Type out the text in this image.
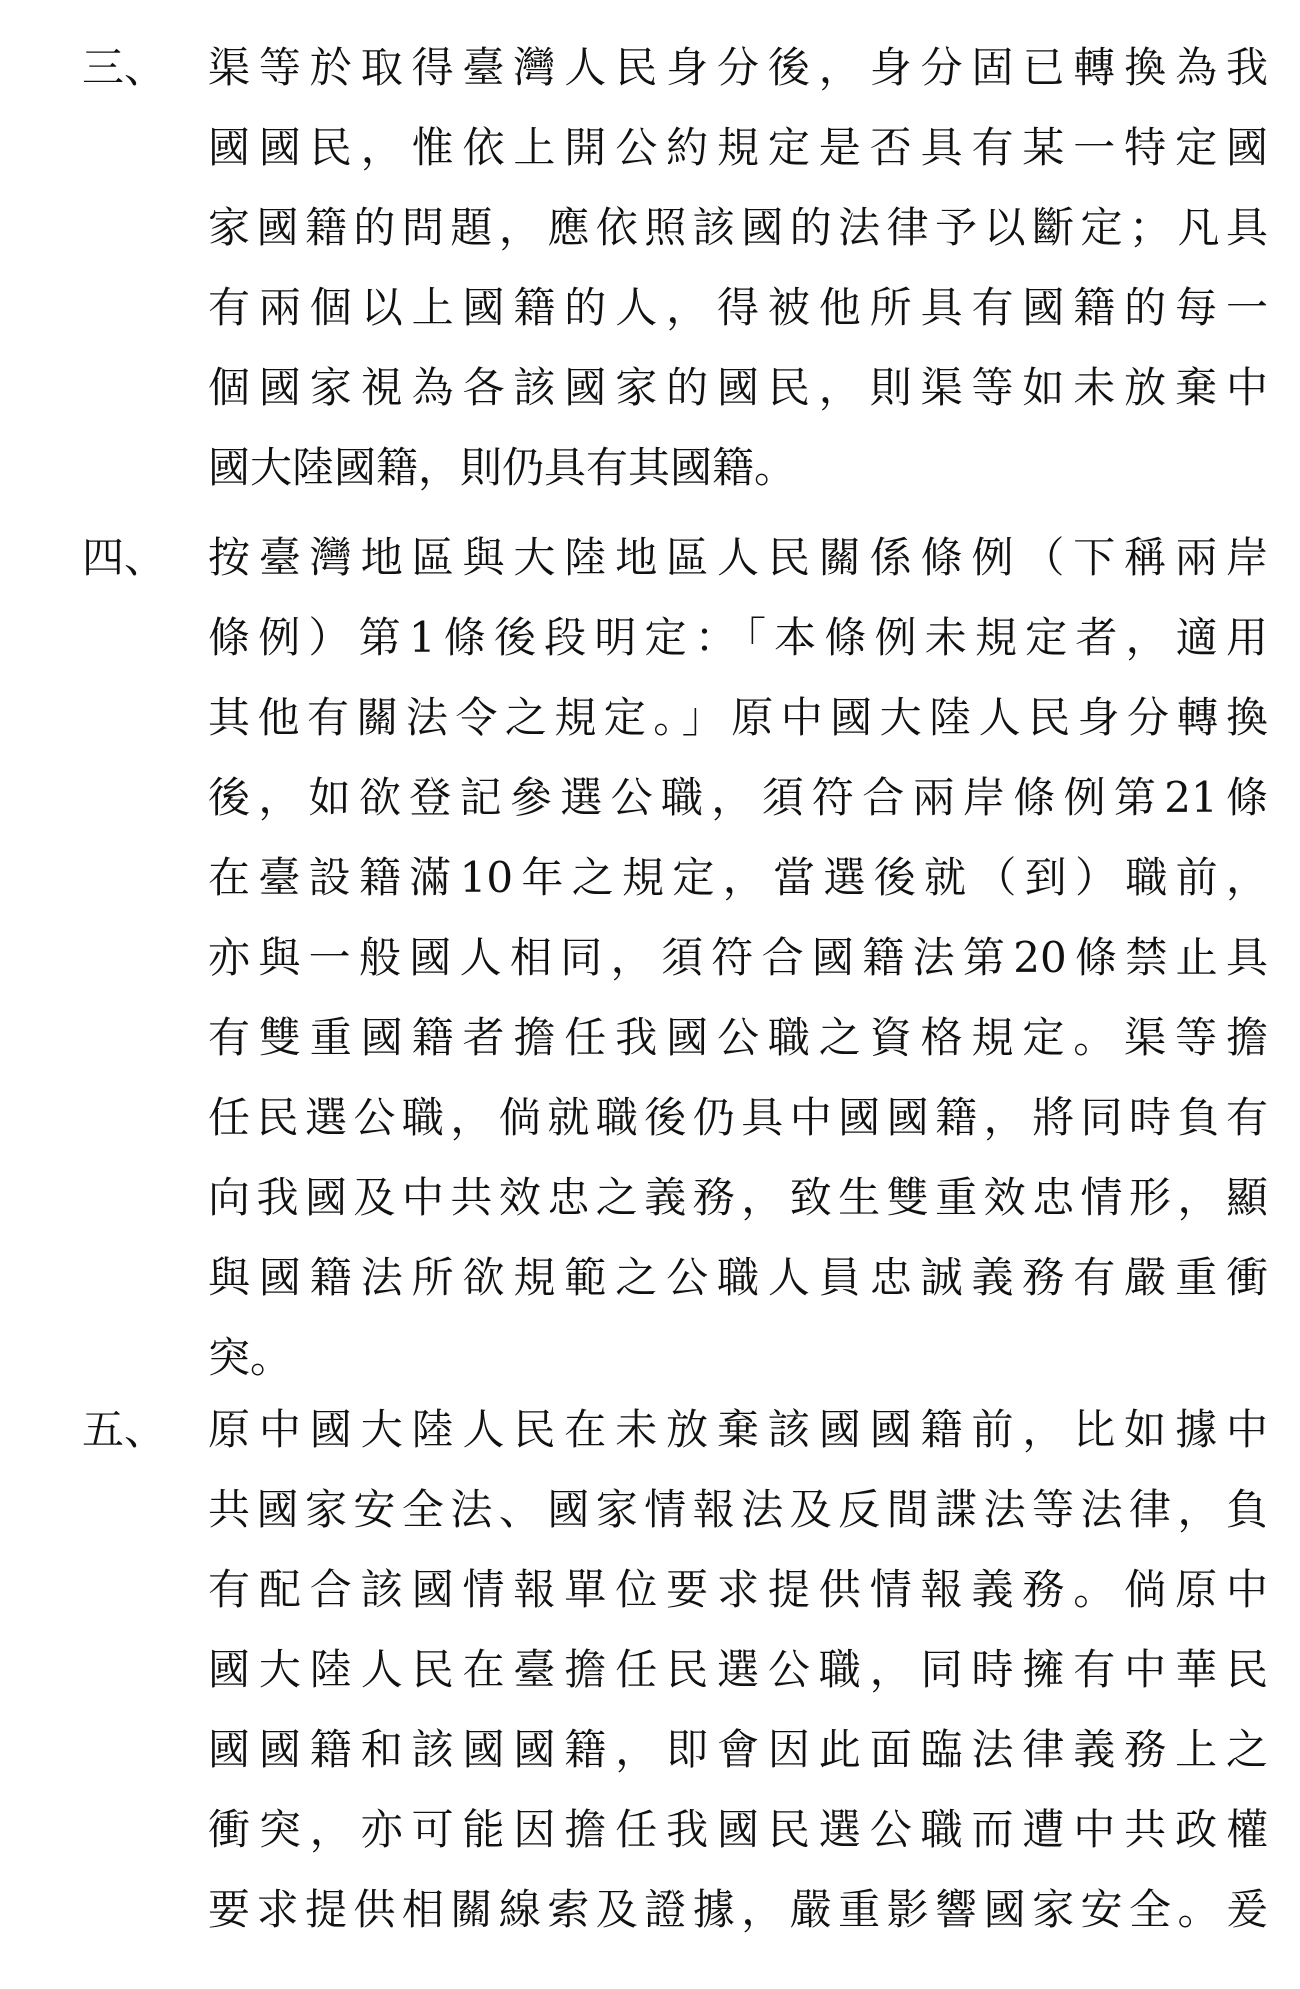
三、 渠等於取得臺灣人民身分後，身分固已轉換為我
國國民，惟依上開公約規定是否具有某一特定國
家國籍的問題，應依照該國的法律予以斷定；凡具
有兩個以上國籍的人，得被他所具有國籍的每一
個國家視為各該國家的國民，則渠等如未放棄中
國大陸國籍，則仍具有其國籍。
四、 按臺灣地區與大陸地區人民關係條例（下稱兩岸
條例）第1條後段明定：「本條例未規定者，適用
其他有關法令之規定。」原中國大陸人民身分轉換
後，如欲登記參選公職，須符合兩岸條例第21條
在臺設籍滿10年之規定，當選後就（到）職前，
亦與一般國人相同，須符合國籍法第20條禁止具
有雙重國籍者擔任我國公職之資格規定。渠等擔
任民選公職，倘就職後仍具中國國籍，將同時負有
向我國及中共效忠之義務，致生雙重效忠情形，顯
與國籍法所欲規範之公職人員忠誠義務有嚴重衝
突。
五、 原中國大陸人民在未放棄該國國籍前，比如據中
共國家安全法、國家情報法及反間諜法等法律，負
有配合該國情報單位要求提供情報義務。倘原中
國大陸人民在臺擔任民選公職，同時擁有中華民
國國籍和該國國籍，即會因此面臨法律義務上之
衝突，亦可能因擔任我國民選公職而遭中共政權
要求提供相關線索及證據，嚴重影響國家安全。爰
